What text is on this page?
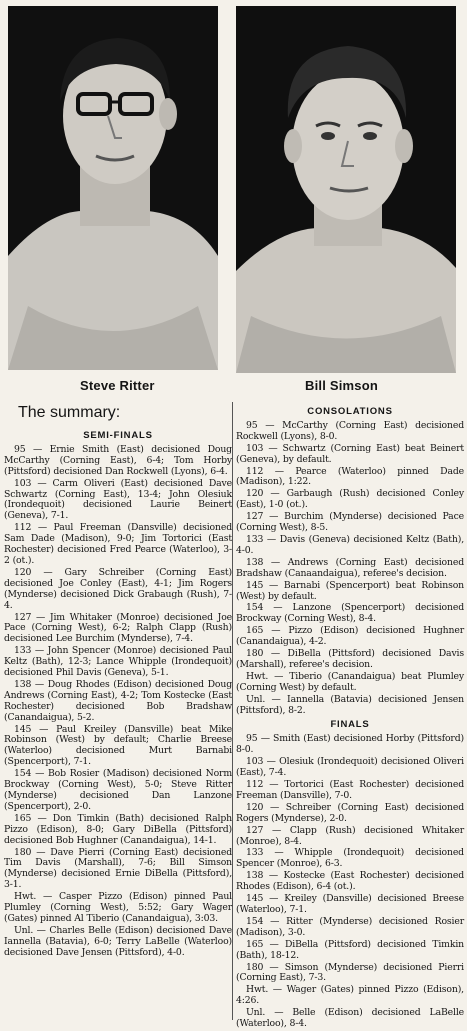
Steve Ritter	Bill Simson
The summary:
SEMI-FINALS

95 — Ernie Smith (East) decisioned Doug McCarthy (Corning East), 6-4; Tom Horby (Pittsford) decisioned Dan Rockwell (Lyons), 6-4.

103 — Carm Oliveri (East) decisioned Dave Schwartz (Corning East), 13-4; John Olesiuk (Irondequoit) decisioned Laurie Beinert (Geneva), 7-1.

112 — Paul Freeman (Dansville) decisioned Sam Dade (Madison), 9-0; Jim Tortorici (East Rochester) decisioned Fred Pearce (Waterloo), 3-2 (ot.).

120 — Gary Schreiber (Corning East) decisioned Joe Conley (East), 4-1; Jim Rogers (Mynderse) decisioned Dick Grabaugh (Rush), 7-4.

127 — Jim Whitaker (Monroe) decisioned Joe Pace (Corning West), 6-2; Ralph Clapp (Rush) decisioned Lee Burchim (Mynderse), 7-4.

133 — John Spencer (Monroe) decisioned Paul Keltz (Bath), 12-3; Lance Whipple (Irondequoit) decisioned Phil Davis (Geneva), 5-1.

138 — Doug Rhodes (Edison) decisioned Doug Andrews (Corning East), 4-2; Tom Kostecke (East Rochester) decisioned Bob Bradshaw (Canandaigua), 5-2.

145 — Paul Kreiley (Dansville) beat Mike Robinson (West) by default; Charlie Breese (Waterloo) decisioned Murt Barnabi (Spencerport), 7-1.

154 — Bob Rosier (Madison) decisioned Norm Brockway (Corning West), 5-0; Steve Ritter (Mynderse) decisioned Dan Lanzone (Spencerport), 2-0.

165 — Don Timkin (Bath) decisioned Ralph Pizzo (Edison), 8-0; Gary DiBella (Pittsford) decisioned Bob Hughner (Canandaigua), 14-1.

180 — Dave Pierri (Corning East) decisioned Tim Davis (Marshall), 7-6; Bill Simson (Mynderse) decisioned Ernie DiBella (Pittsford), 3-1.

Hwt. — Casper Pizzo (Edison) pinned Paul Plumley (Corning West), 5:52; Gary Wager (Gates) pinned Al Tiberio (Canandaigua), 3:03.

Unl. — Charles Belle (Edison) decisioned Dave Iannella (Batavia), 6-0; Terry LaBelle (Waterloo) decisioned Dave Jensen (Pittsford), 4-0.

CONSOLATIONS

95 — McCarthy (Corning East) decisioned Rockwell (Lyons), 8-0.

103 — Schwartz (Corning East) beat Beinert (Geneva), by default.

112 — Pearce (Waterloo) pinned Dade (Madison), 1:22.

120 — Garbaugh (Rush) decisioned Conley (East), 1-0 (ot.).

127 — Burchim (Mynderse) decisioned Pace (Corning West), 8-5.

133 — Davis (Geneva) decisioned Keltz (Bath), 4-0.

138 — Andrews (Corning East) decisioned Bradshaw (Canaandaigua), referee's decision.

145 — Barnabi (Spencerport) beat Robinson (West) by default.

154 — Lanzone (Spencerport) decisioned Brockway (Corning West), 8-4.

165 — Pizzo (Edison) decisioned Hughner (Canandaigua), 4-2.

180 — DiBella (Pittsford) decisioned Davis (Marshall), referee's decision.

Hwt. — Tiberio (Canandaigua) beat Plumley (Corning West) by default.

Unl. — Iannella (Batavia) decisioned Jensen (Pittsford), 8-2.

FINALS

95 — Smith (East) decisioned Horby (Pittsford) 8-0.

103 — Olesiuk (Irondequoit) decisioned Oliveri (East), 7-4.

112 — Tortorici (East Rochester) decisioned Freeman (Dansville), 7-0.

120 — Schreiber (Corning East) decisioned Rogers (Mynderse), 2-0.

127 — Clapp (Rush) decisioned Whitaker (Monroe), 8-4.

133 — Whipple (Irondequoit) decisioned Spencer (Monroe), 6-3.

138 — Kostecke (East Rochester) decisioned Rhodes (Edison), 6-4 (ot.).

145 — Kreiley (Dansville) decisioned Breese (Waterloo), 7-1.

154 — Ritter (Mynderse) decisioned Rosier (Madison), 3-0.

165 — DiBella (Pittsford) decisioned Timkin (Bath), 18-12.

180 — Simson (Mynderse) decisioned Pierri (Corning East), 7-3.

Hwt. — Wager (Gates) pinned Pizzo (Edison), 4:26.

Unl. — Belle (Edison) decisioned LaBelle (Waterloo), 8-4.
